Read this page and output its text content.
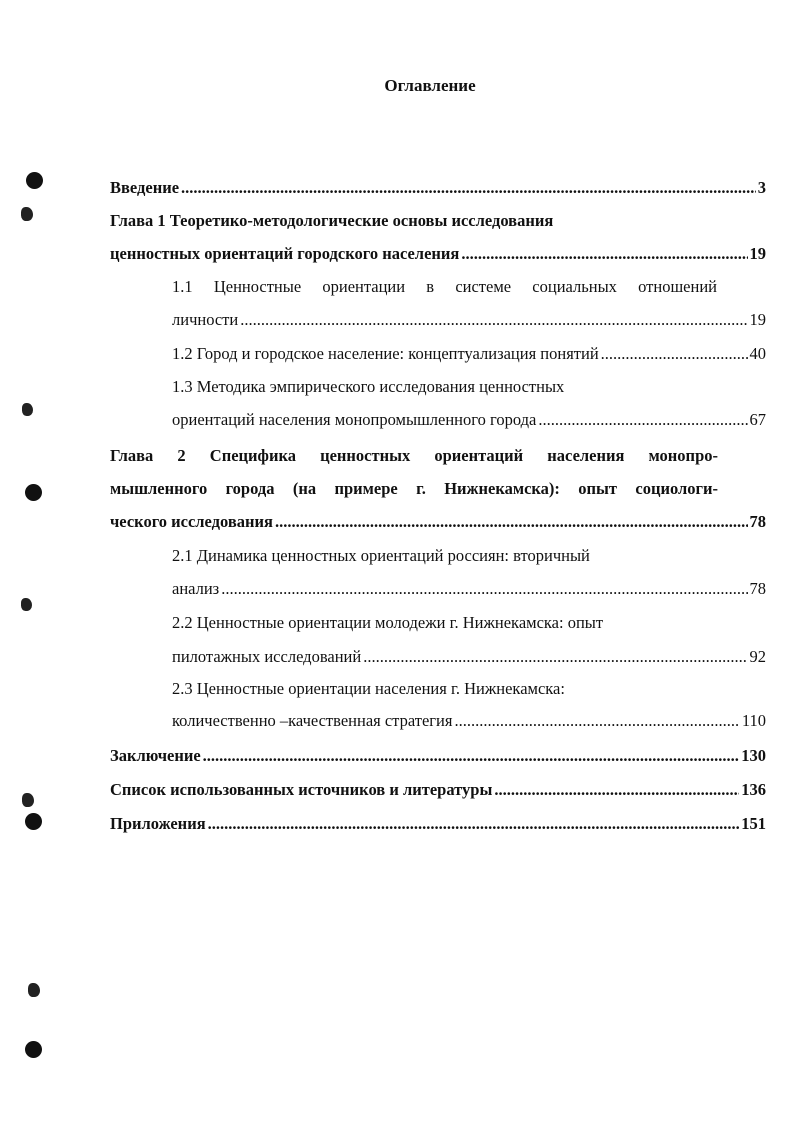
Оглавление
Введение .....	3
Глава 1 Теоретико-методологические основы исследования
ценностных ориентаций городского населения .....	19
1.1 Ценностные ориентации в системе социальных отношений
личности .....	19
1.2 Город и городское население: концептуализация понятий .....	40
1.3 Методика эмпирического исследования ценностных
ориентаций населения монопромышленного города .....	67
Глава 2 Специфика ценностных ориентаций населения монопро-
мышленного города (на примере г. Нижнекамска): опыт социологи-
ческого исследования .....	78
2.1 Динамика ценностных ориентаций россиян: вторичный
анализ .....	78
2.2 Ценностные ориентации молодежи г. Нижнекамска: опыт
пилотажных исследований .....	92
2.3 Ценностные ориентации населения г. Нижнекамска:
количественно –качественная стратегия .....	110
Заключение .....	130
Список использованных источников и литературы .....	136
Приложения .....	151
